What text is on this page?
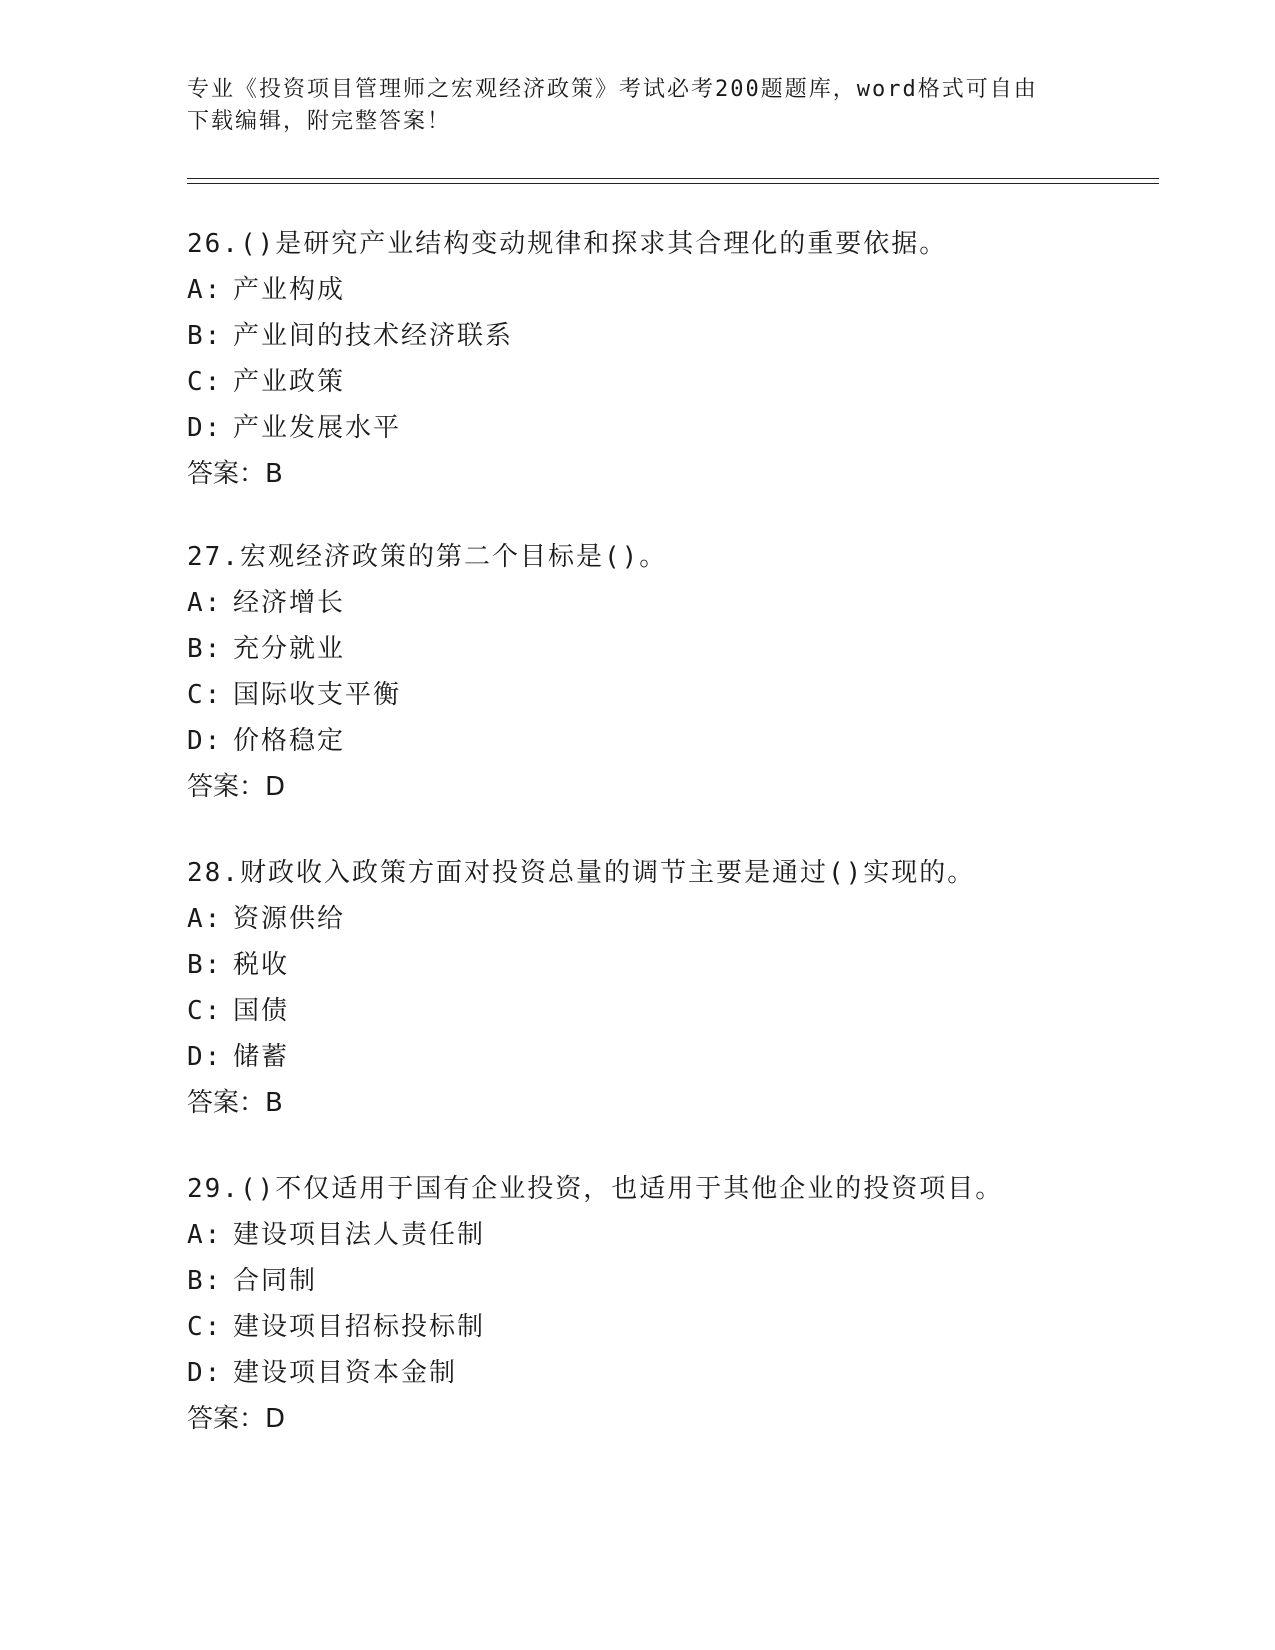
专业《投资项目管理师之宏观经济政策》考试必考200题题库，word格式可自由
下载编辑，附完整答案！
26.()是研究产业结构变动规律和探求其合理化的重要依据。
A: 产业构成
B: 产业间的技术经济联系
C: 产业政策
D: 产业发展水平
答案：B
27.宏观经济政策的第二个目标是()。
A: 经济增长
B: 充分就业
C: 国际收支平衡
D: 价格稳定
答案：D
28.财政收入政策方面对投资总量的调节主要是通过()实现的。
A: 资源供给
B: 税收
C: 国债
D: 储蓄
答案：B
29.()不仅适用于国有企业投资，也适用于其他企业的投资项目。
A: 建设项目法人责任制
B: 合同制
C: 建设项目招标投标制
D: 建设项目资本金制
答案：D
